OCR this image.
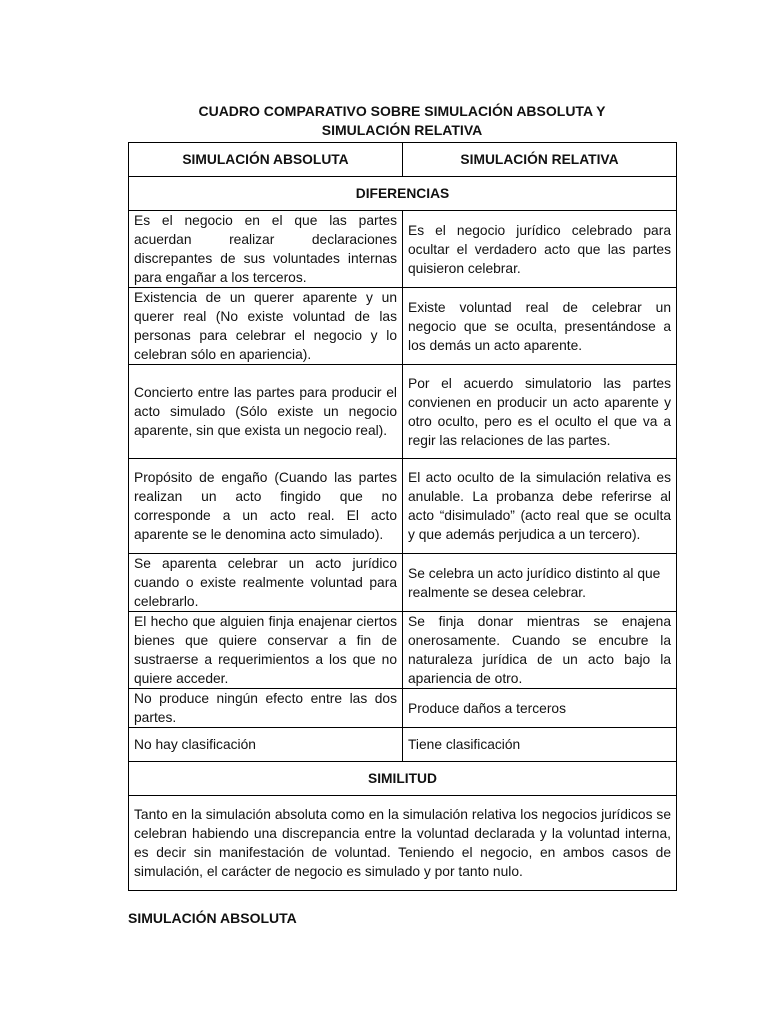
CUADRO COMPARATIVO SOBRE SIMULACIÓN ABSOLUTA Y
SIMULACIÓN RELATIVA
SIMULACIÓN ABSOLUTA	SIMULACIÓN RELATIVA
DIFERENCIAS	
Es el negocio en el que las partes acuerdan realizar declaraciones discrepantes de sus voluntades internas para engañar a los terceros.	Es el negocio jurídico celebrado para ocultar el verdadero acto que las partes quisieron celebrar.
Existencia de un querer aparente y un querer real (No existe voluntad de las personas para celebrar el negocio y lo celebran sólo en apariencia).	Existe voluntad real de celebrar un negocio que se oculta, presentándose a los demás un acto aparente.
Concierto entre las partes para producir el acto simulado (Sólo existe un negocio aparente, sin que exista un negocio real).	Por el acuerdo simulatorio las partes convienen en producir un acto aparente y otro oculto, pero es el oculto el que va a regir las relaciones de las partes.
Propósito de engaño (Cuando las partes realizan un acto fingido que no corresponde a un acto real. El acto aparente se le denomina acto simulado).	El acto oculto de la simulación relativa es anulable. La probanza debe referirse al acto “disimulado” (acto real que se oculta y que además perjudica a un tercero).
Se aparenta celebrar un acto jurídico cuando o existe realmente voluntad para celebrarlo.	Se celebra un acto jurídico distinto al que realmente se desea celebrar.
El hecho que alguien finja enajenar ciertos bienes que quiere conservar a fin de sustraerse a requerimientos a los que no quiere acceder.	Se finja donar mientras se enajena onerosamente. Cuando se encubre la naturaleza jurídica de un acto bajo la apariencia de otro.
No produce ningún efecto entre las dos partes.	Produce daños a terceros
No hay clasificación	Tiene clasificación
SIMILITUD	
Tanto en la simulación absoluta como en la simulación relativa los negocios jurídicos se celebran habiendo una discrepancia entre la voluntad declarada y la voluntad interna, es decir sin manifestación de voluntad. Teniendo el negocio, en ambos casos de simulación, el carácter de negocio es simulado y por tanto nulo.	
SIMULACIÓN ABSOLUTA
